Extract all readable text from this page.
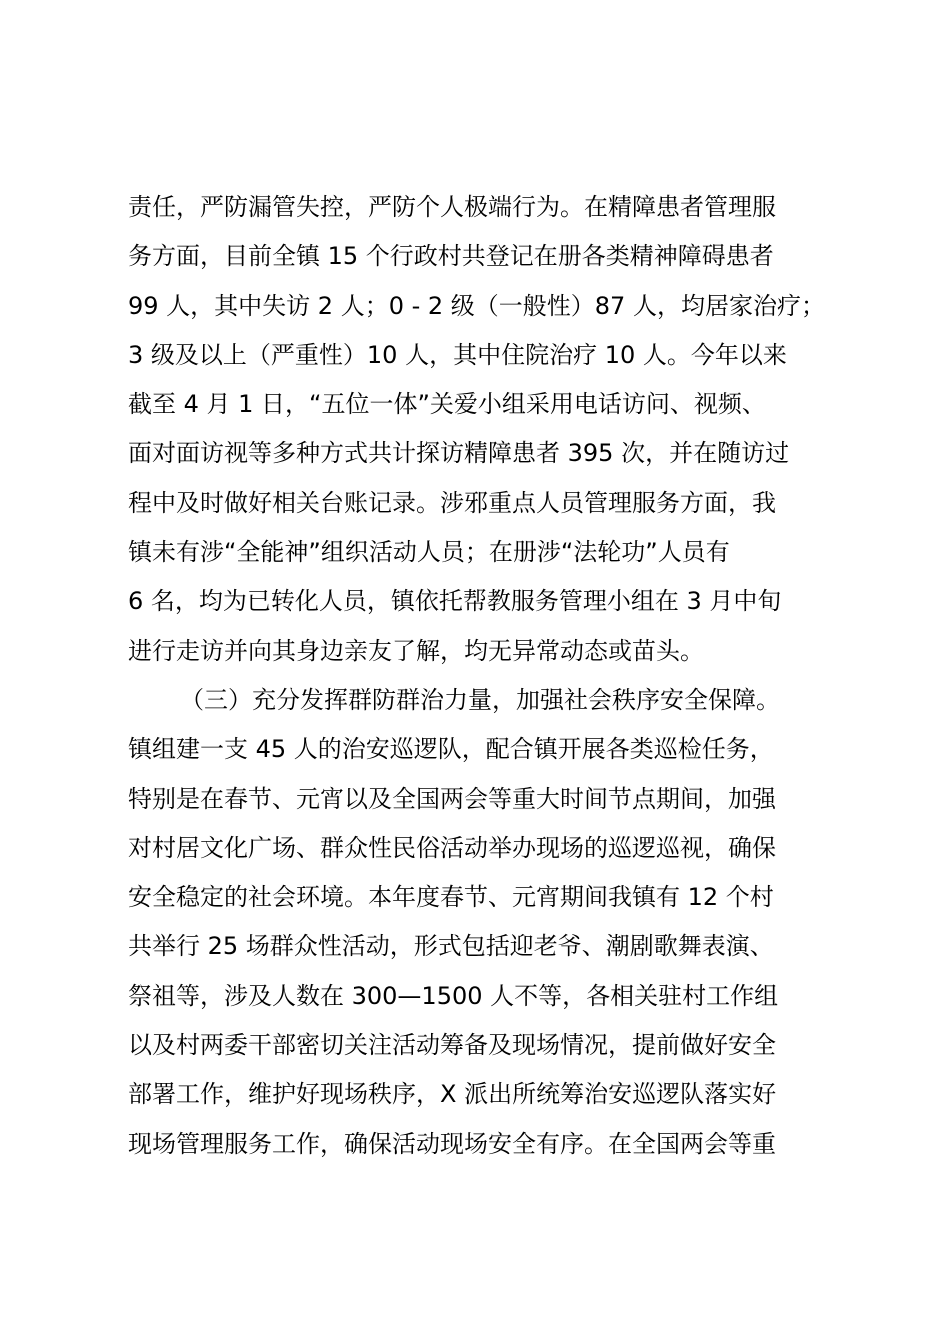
责任，严防漏管失控，严防个人极端行为。在精障患者管理服
务方面，目前全镇 15 个行政村共登记在册各类精神障碍患者
99 人，其中失访 2 人；0 - 2 级（一般性）87 人，均居家治疗；
3 级及以上（严重性）10 人，其中住院治疗 10 人。今年以来
截至 4 月 1 日，“五位一体”关爱小组采用电话访问、视频、
面对面访视等多种方式共计探访精障患者 395 次，并在随访过
程中及时做好相关台账记录。涉邪重点人员管理服务方面，我
镇未有涉“全能神”组织活动人员；在册涉“法轮功”人员有
6 名，均为已转化人员，镇依托帮教服务管理小组在 3 月中旬
进行走访并向其身边亲友了解，均无异常动态或苗头。
（三）充分发挥群防群治力量，加强社会秩序安全保障。
镇组建一支 45 人的治安巡逻队，配合镇开展各类巡检任务，
特别是在春节、元宵以及全国两会等重大时间节点期间，加强
对村居文化广场、群众性民俗活动举办现场的巡逻巡视，确保
安全稳定的社会环境。本年度春节、元宵期间我镇有 12 个村
共举行 25 场群众性活动，形式包括迎老爷、潮剧歌舞表演、
祭祖等，涉及人数在 300—1500 人不等，各相关驻村工作组
以及村两委干部密切关注活动筹备及现场情况，提前做好安全
部署工作，维护好现场秩序，X 派出所统筹治安巡逻队落实好
现场管理服务工作，确保活动现场安全有序。在全国两会等重
